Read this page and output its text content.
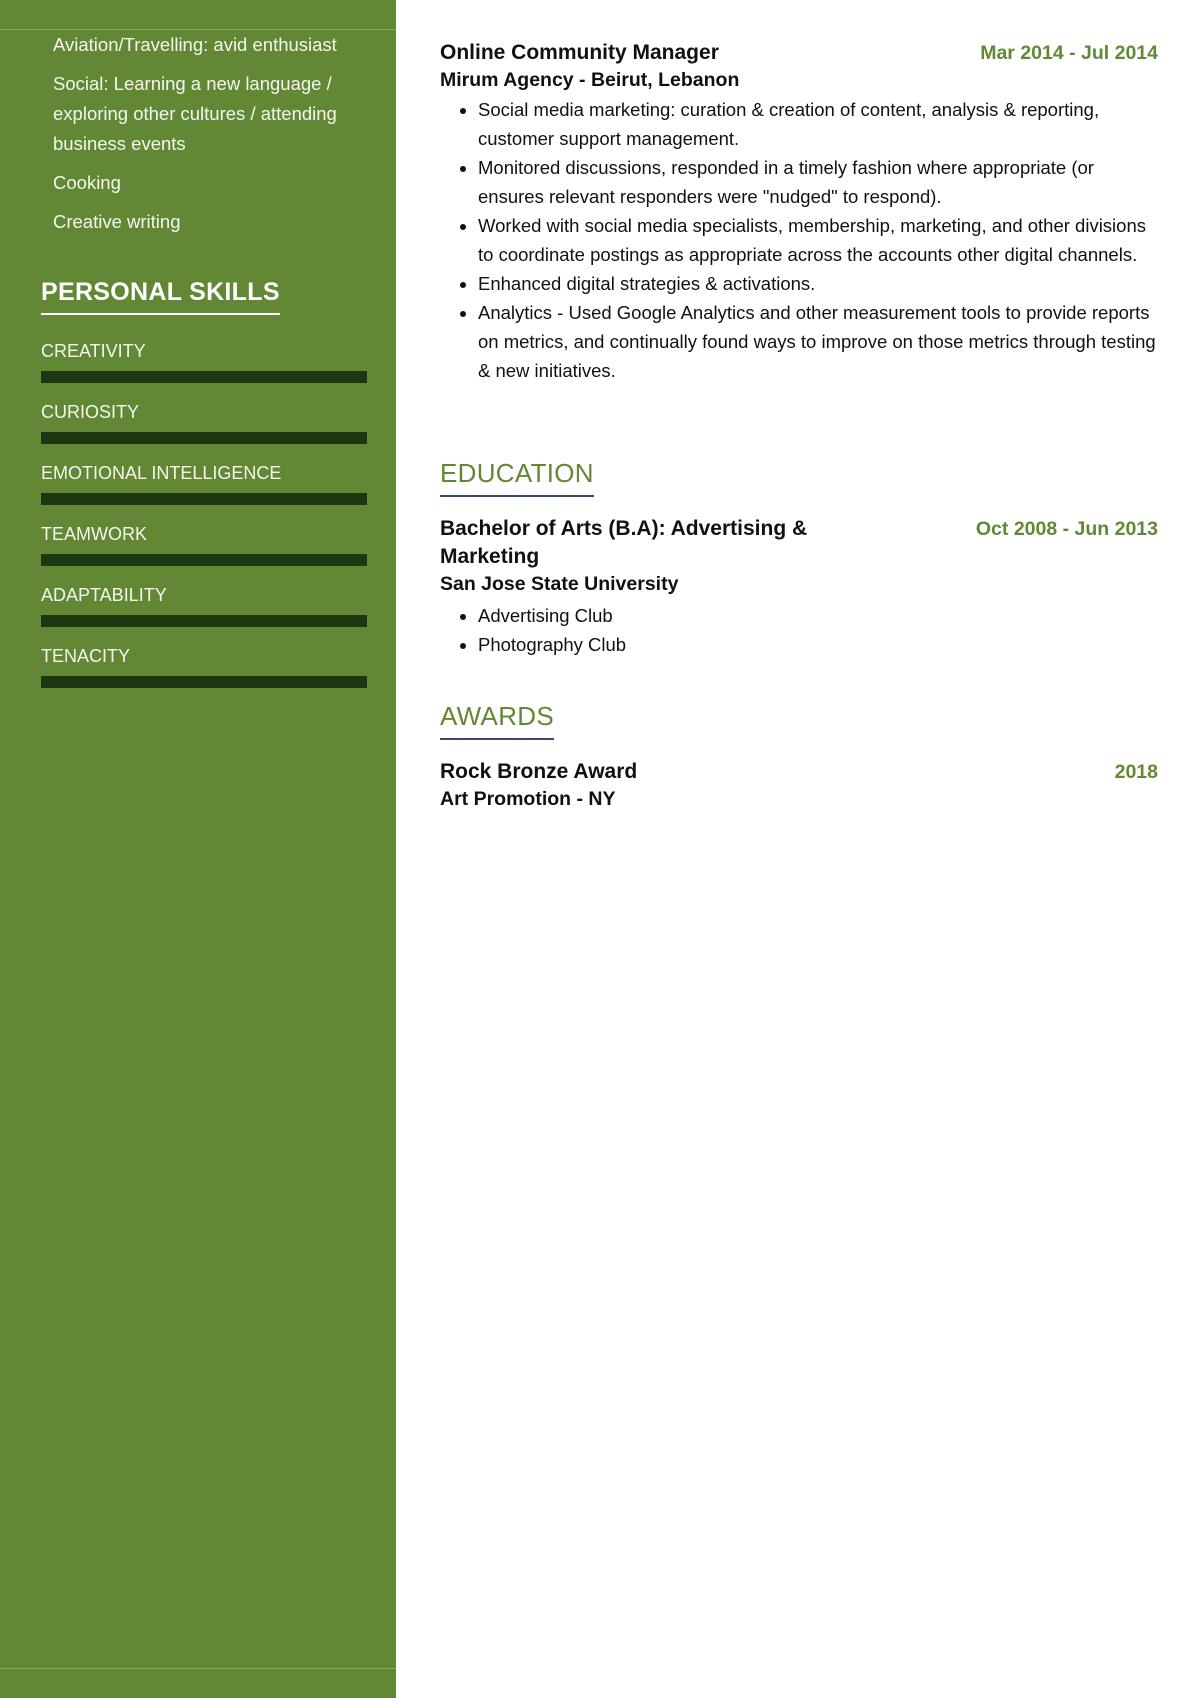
Aviation/Travelling: avid enthusiast
Social: Learning a new language / exploring other cultures / attending business events
Cooking
Creative writing
PERSONAL SKILLS
CREATIVITY
CURIOSITY
EMOTIONAL INTELLIGENCE
TEAMWORK
ADAPTABILITY
TENACITY
Online Community Manager	Mar 2014 - Jul 2014
Mirum Agency - Beirut, Lebanon
• Social media marketing: curation & creation of content, analysis & reporting, customer support management.
• Monitored discussions, responded in a timely fashion where appropriate (or ensures relevant responders were "nudged" to respond).
• Worked with social media specialists, membership, marketing, and other divisions to coordinate postings as appropriate across the accounts other digital channels.
• Enhanced digital strategies & activations.
• Analytics - Used Google Analytics and other measurement tools to provide reports on metrics, and continually found ways to improve on those metrics through testing & new initiatives.
EDUCATION
Bachelor of Arts (B.A): Advertising & Marketing
Oct 2008 - Jun 2013
San Jose State University
• Advertising Club
• Photography Club
AWARDS
Rock Bronze Award	2018
Art Promotion - NY
